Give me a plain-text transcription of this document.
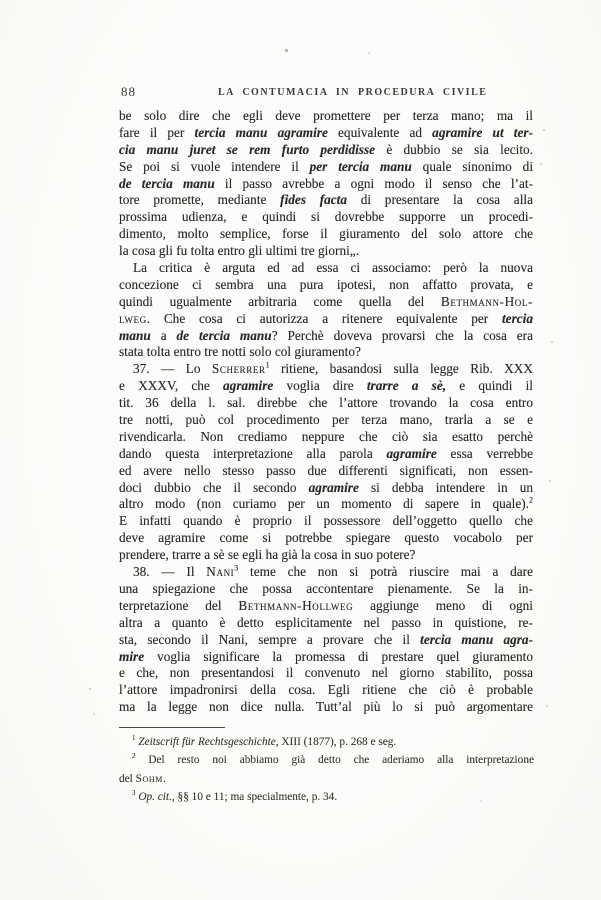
88	LA CONTUMACIA IN PROCEDURA CIVILE
be solo dire che egli deve promettere per terza mano; ma il
fare il per tercia manu agramire equivalente ad agramire ut ter-
cia manu juret se rem furto perdidisse è dubbio se sia lecito.
Se poi si vuole intendere il per tercia manu quale sinonimo di
de tercia manu il passo avrebbe a ogni modo il senso che l’at-
tore promette, mediante fides facta di presentare la cosa alla
prossima udienza, e quindi si dovrebbe supporre un procedi-
dimento, molto semplice, forse il giuramento del solo attore che
la cosa gli fu tolta entro gli ultimi tre giorni„.
La critica è arguta ed ad essa ci associamo: però la nuova
concezione ci sembra una pura ipotesi, non affatto provata, e
quindi ugualmente arbitraria come quella del Bethmann-Hol-
lweg. Che cosa ci autorizza a ritenere equivalente per tercia
manu a de tercia manu? Perchè doveva provarsi che la cosa era
stata tolta entro tre notti solo col giuramento?
37. — Lo Scherrer$^1$ ritiene, basandosi sulla legge Rib. XXX
e XXXV, che agramire voglia dire trarre a sè, e quindi il
tit. 36 della l. sal. direbbe che l’attore trovando la cosa entro
tre notti, può col procedimento per terza mano, trarla a se e
rivendicarla. Non crediamo neppure che ciò sia esatto perchè
dando questa interpretazione alla parola agramire essa verrebbe
ed avere nello stesso passo due differenti significati, non essen-
doci dubbio che il secondo agramire si debba intendere in un
altro modo (non curiamo per un momento di sapere in quale).$^2$
E infatti quando è proprio il possessore dell’oggetto quello che
deve agramire come si potrebbe spiegare questo vocabolo per
prendere, trarre a sè se egli ha già la cosa in suo potere?
38. — Il Nani$^3$ teme che non si potrà riuscire mai a dare
una spiegazione che possa accontentare pienamente. Se la in-
terpretazione del Bethmann-Hollweg aggiunge meno di ogni
altra a quanto è detto esplicitamente nel passo in quistione, re-
sta, secondo il Nani, sempre a provare che il tercia manu agra-
mire voglia significare la promessa di prestare quel giuramento
e che, non presentandosi il convenuto nel giorno stabilito, possa
l’attore impadronirsi della cosa. Egli ritiene che ciò è probable
ma la legge non dice nulla. Tutt’al più lo si può argomentare
$^1$ Zeitscrift für Rechtsgeschichte, XIII (1877), p. 268 e seg.
$^2$ Del resto noi abbiamo già detto che aderiamo alla interpretazione
del Sohm.
$^3$ Op. cit., §§ 10 e 11; ma specialmente, p. 34.
